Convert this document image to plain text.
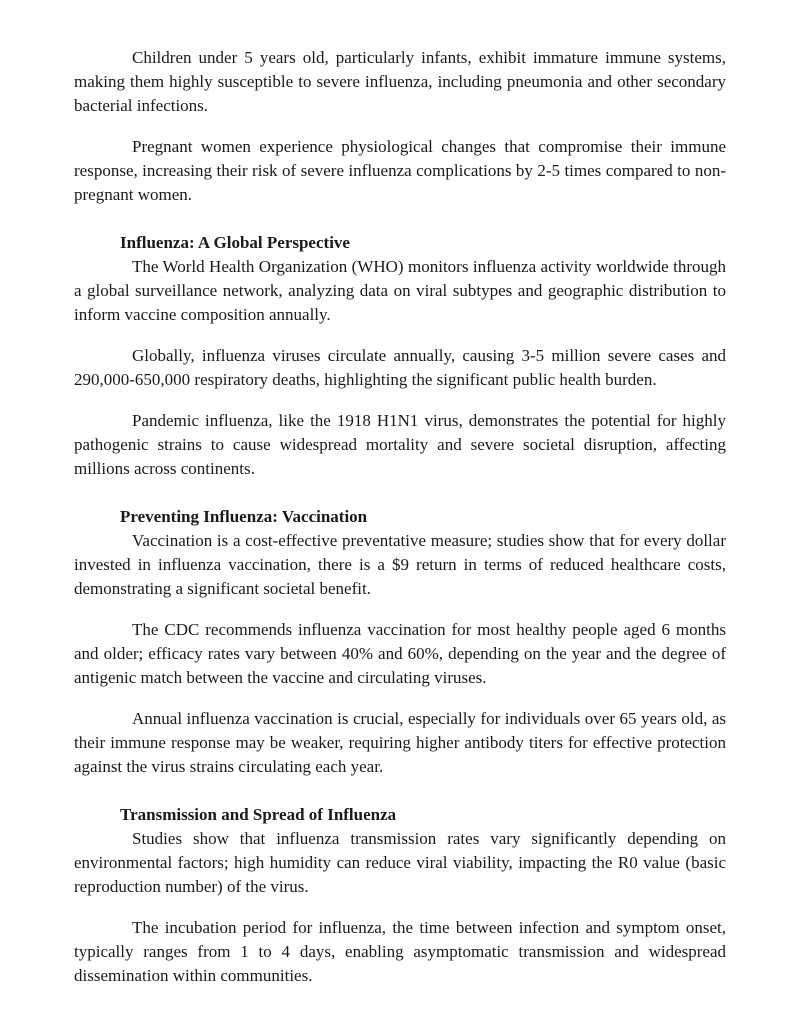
Children under 5 years old, particularly infants, exhibit immature immune systems, making them highly susceptible to severe influenza, including pneumonia and other secondary bacterial infections.

Pregnant women experience physiological changes that compromise their immune response, increasing their risk of severe influenza complications by 2-5 times compared to non-pregnant women.

Influenza: A Global Perspective

The World Health Organization (WHO) monitors influenza activity worldwide through a global surveillance network, analyzing data on viral subtypes and geographic distribution to inform vaccine composition annually.

Globally, influenza viruses circulate annually, causing 3-5 million severe cases and 290,000-650,000 respiratory deaths, highlighting the significant public health burden.

Pandemic influenza, like the 1918 H1N1 virus, demonstrates the potential for highly pathogenic strains to cause widespread mortality and severe societal disruption, affecting millions across continents.

Preventing Influenza: Vaccination

Vaccination is a cost-effective preventative measure; studies show that for every dollar invested in influenza vaccination, there is a $9 return in terms of reduced healthcare costs, demonstrating a significant societal benefit.

The CDC recommends influenza vaccination for most healthy people aged 6 months and older; efficacy rates vary between 40% and 60%, depending on the year and the degree of antigenic match between the vaccine and circulating viruses.

Annual influenza vaccination is crucial, especially for individuals over 65 years old, as their immune response may be weaker, requiring higher antibody titers for effective protection against the virus strains circulating each year.

Transmission and Spread of Influenza

Studies show that influenza transmission rates vary significantly depending on environmental factors; high humidity can reduce viral viability, impacting the R0 value (basic reproduction number) of the virus.

The incubation period for influenza, the time between infection and symptom onset, typically ranges from 1 to 4 days, enabling asymptomatic transmission and widespread dissemination within communities.
